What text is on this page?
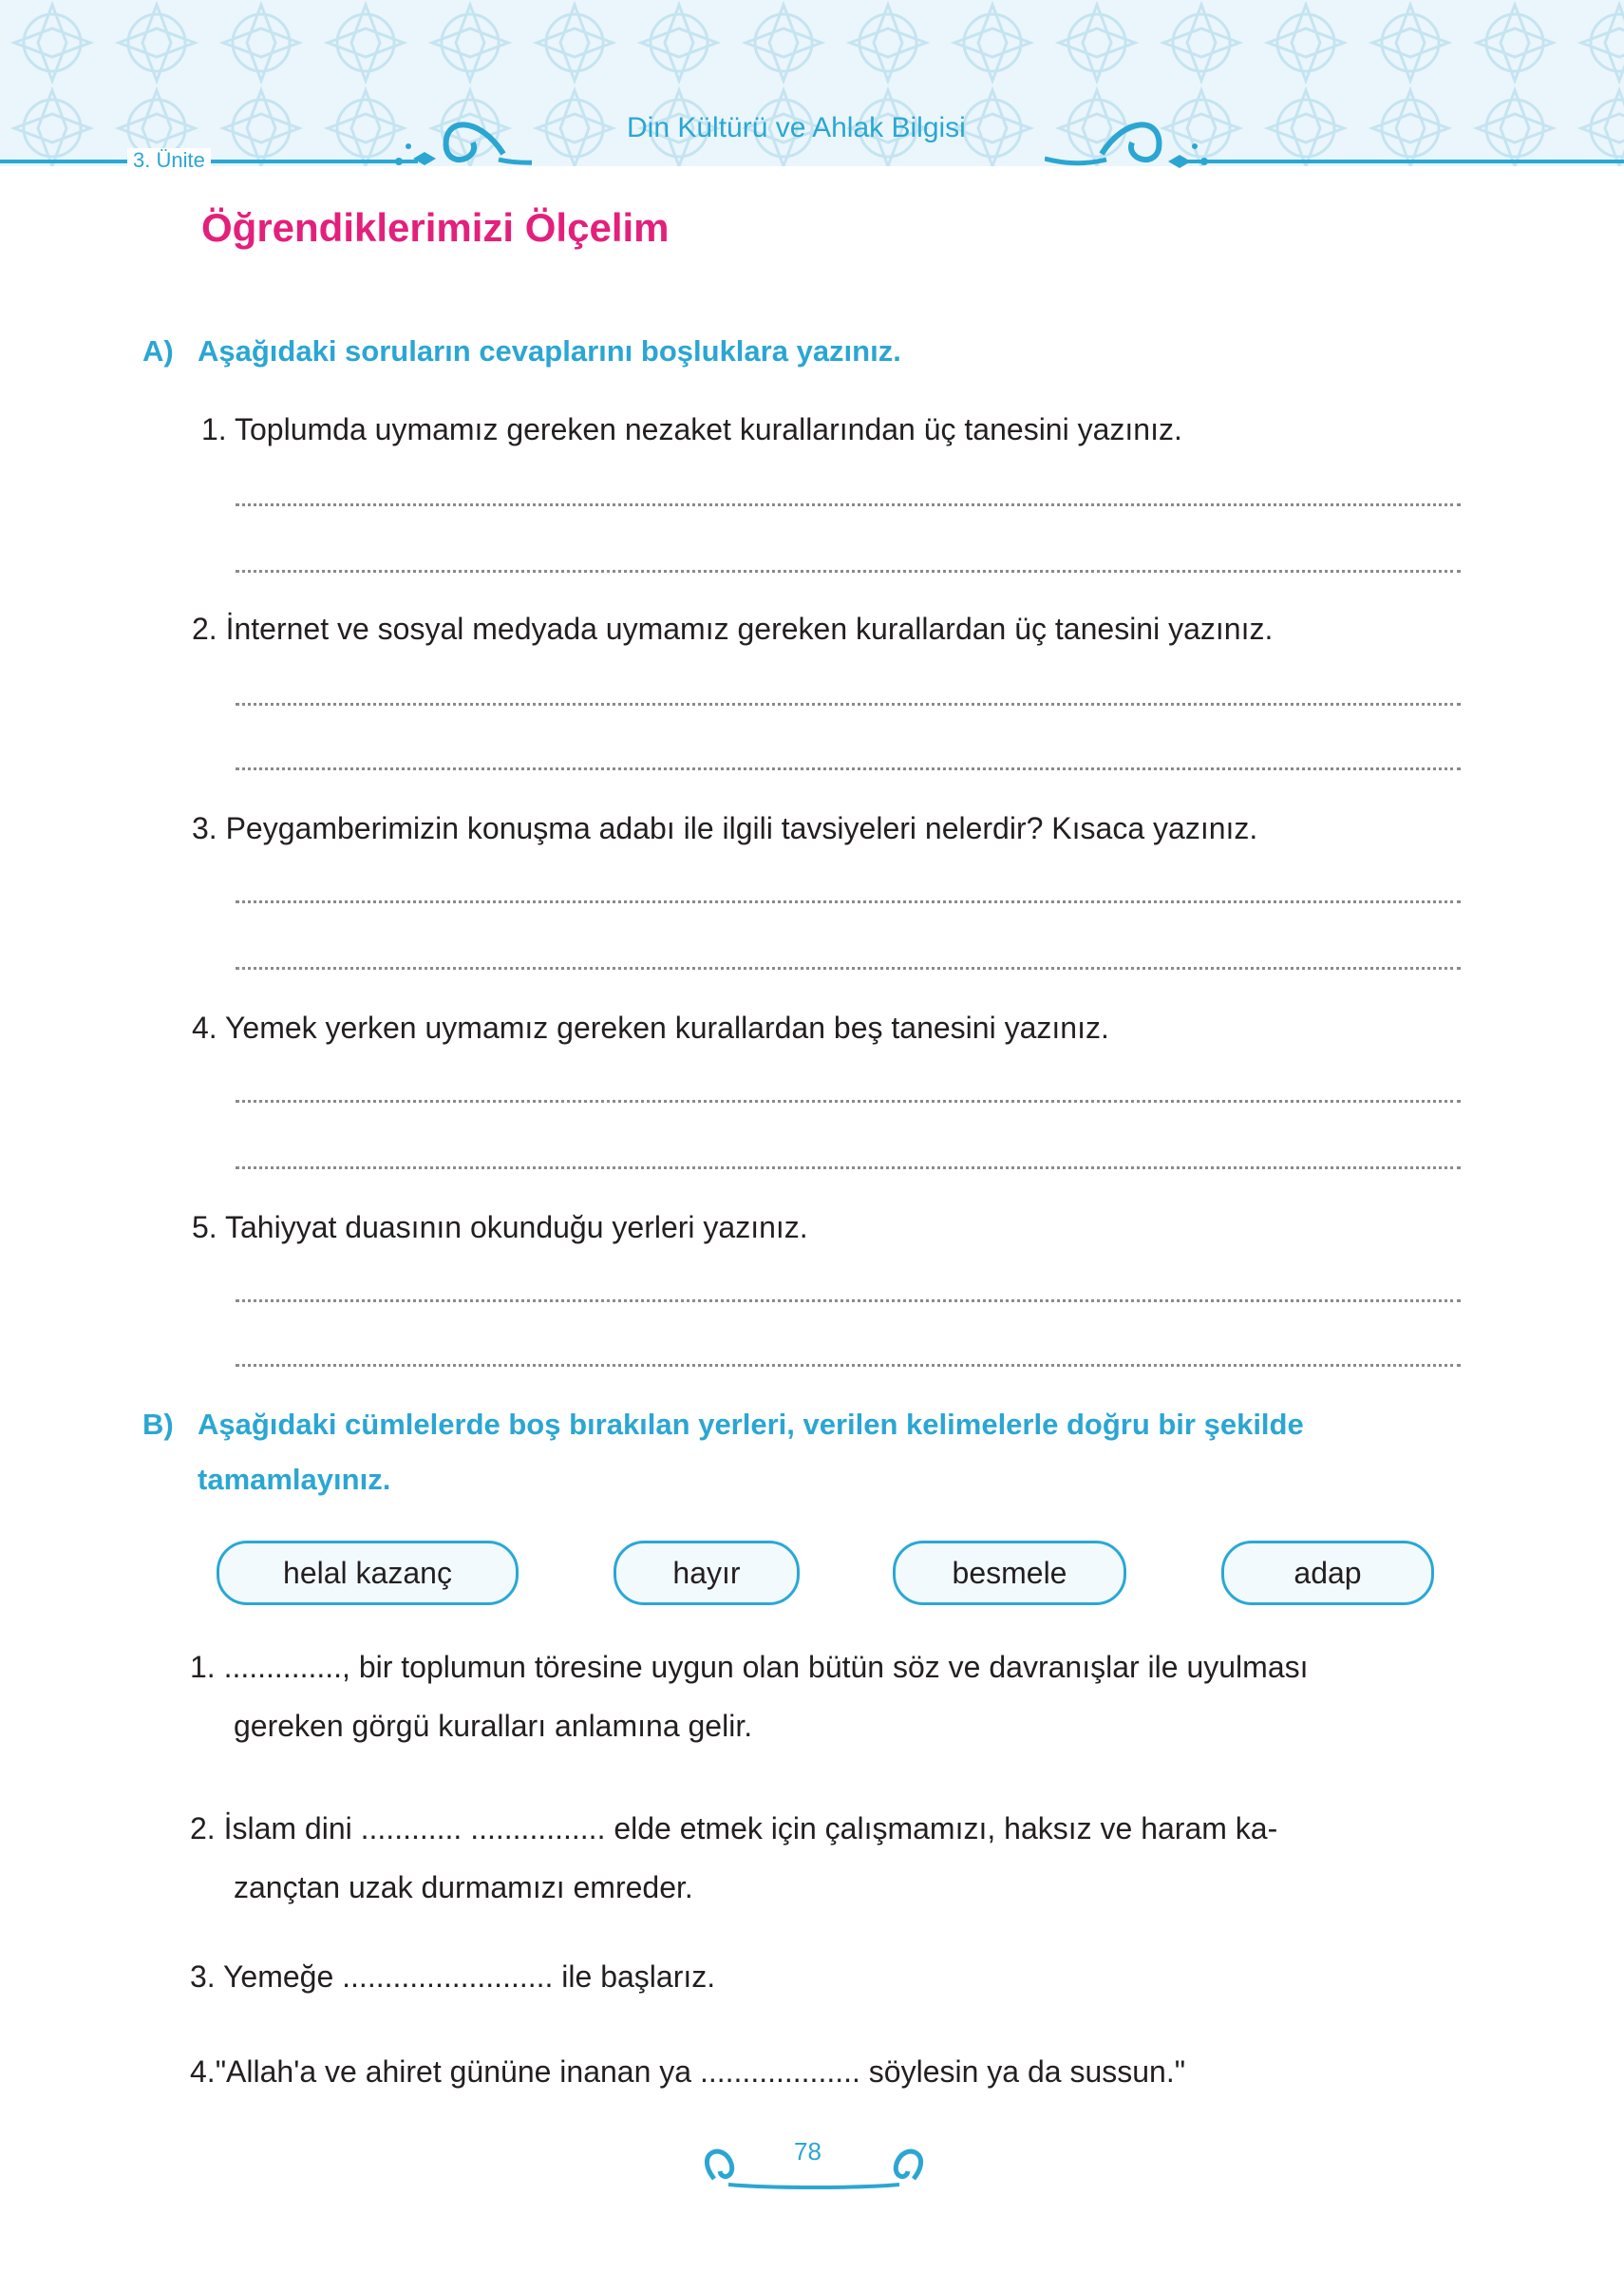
3. Ünite
Din Kültürü ve Ahlak Bilgisi
Öğrendiklerimizi Ölçelim
A) Aşağıdaki soruların cevaplarını boşluklara yazınız.
1. Toplumda uymamız gereken nezaket kurallarından üç tanesini yazınız.
2. İnternet ve sosyal medyada uymamız gereken kurallardan üç tanesini yazınız.
3. Peygamberimizin konuşma adabı ile ilgili tavsiyeleri nelerdir? Kısaca yazınız.
4. Yemek yerken uymamız gereken kurallardan beş tanesini yazınız.
5. Tahiyyat duasının okunduğu yerleri yazınız.
B) Aşağıdaki cümlelerde boş bırakılan yerleri, verilen kelimelerle doğru bir şekilde
tamamlayınız.
helal kazanç	hayır	besmele	adap
1. .............., bir toplumun töresine uygun olan bütün söz ve davranışlar ile uyulması
gereken görgü kuralları anlamına gelir.
2. İslam dini ............ ................ elde etmek için çalışmamızı, haksız ve haram ka-
zançtan uzak durmamızı emreder.
3. Yemeğe ......................... ile başlarız.
4."Allah'a ve ahiret gününe inanan ya ................... söylesin ya da sussun."
78
